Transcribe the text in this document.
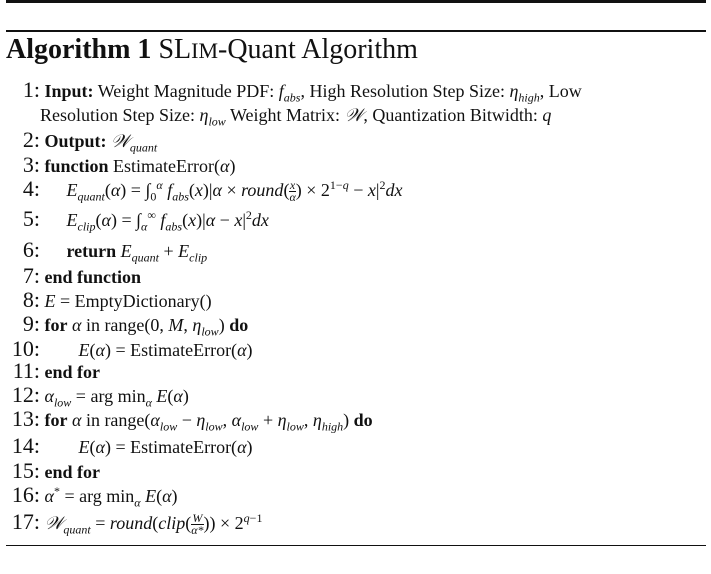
Algorithm 1 SLIM-Quant Algorithm
1: Input: Weight Magnitude PDF: $f_{abs}$, High Resolution Step Size: $\eta_{high}$, Low
Resolution Step Size: $\eta_{low}$ Weight Matrix: 𝒲, Quantization Bitwidth: q
2: Output: 𝒲$_{quant}$
3: function EstimateError(α)
4: $E_{quant}(\alpha) = \int_0^\alpha$ $f_{abs}(x)|\alpha$ × round( $\frac{x}{\alpha}$ ) × $2^{1-q} - x|^2dx$
5: $E_{clip}(\alpha) = \int_\alpha^\infty$ $f_{abs}(x)|\alpha - x|^2dx$
6: return $E_{quant} + E_{clip}$
7: end function
8: E = EmptyDictionary()
9: for α in range(0, M, $\eta_{low}$) do
10: E(α) = EstimateError(α)
11: end for
12: $\alpha_{low}$ = arg $\min_\alpha E(\alpha)$
13: for α in $range(\alpha_{low} - \eta_{low}$, $\alpha_{low} + \eta_{low}$, $\eta_{high}$) do
14: E(α) = EstimateError(α)
15: end for
16: α* = arg $\min_\alpha E(\alpha)$
17: 𝒲$_{quant}$ = round(clip( $\frac{W}{\alpha*}$ )) × $2^{q-1}$
